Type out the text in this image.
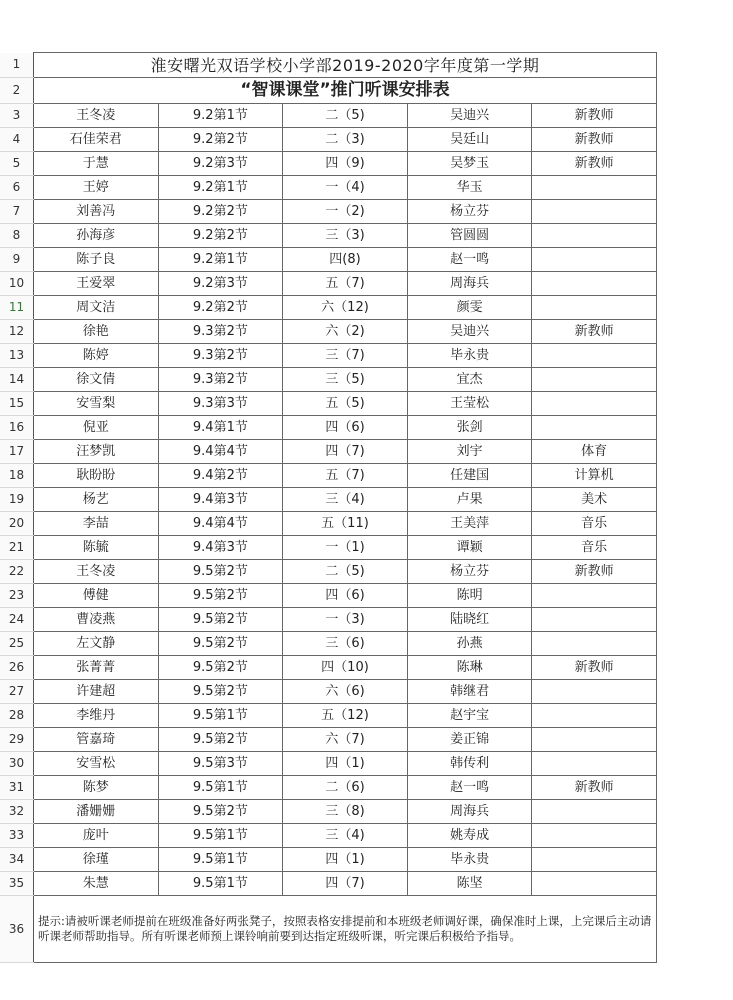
1	淮安曙光双语学校小学部2019-2020字年度第一学期					
2	“智课课堂”推门听课安排表					
3	王冬凌	9.2第1节	二（5)	吴迪兴	新教师	
4	石佳荣君	9.2第2节	二（3)	吴廷山	新教师	
5	于慧	9.2第3节	四（9)	吴梦玉	新教师	
6	王婷	9.2第1节	一（4)	华玉		
7	刘善冯	9.2第2节	一（2)	杨立芬		
8	孙海彦	9.2第2节	三（3)	管圆圆		
9	陈子良	9.2第1节	四(8)	赵一鸣		
10	王爱翠	9.2第3节	五（7)	周海兵		
11	周文洁	9.2第2节	六（12)	颜雯		
12	徐艳	9.3第2节	六（2)	吴迪兴	新教师	
13	陈婷	9.3第2节	三（7)	毕永贵		
14	徐文倩	9.3第2节	三（5)	宜杰		
15	安雪梨	9.3第3节	五（5)	王莹松		
16	倪亚	9.4第1节	四（6)	张剑		
17	汪梦凯	9.4第4节	四（7)	刘宇	体育	
18	耿盼盼	9.4第2节	五（7)	任建国	计算机	
19	杨艺	9.4第3节	三（4)	卢果	美术	
20	李喆	9.4第4节	五（11)	王美萍	音乐	
21	陈毓	9.4第3节	一（1)	谭颖	音乐	
22	王冬凌	9.5第2节	二（5)	杨立芬	新教师	
23	傅健	9.5第2节	四（6)	陈明		
24	曹凌燕	9.5第2节	一（3)	陆晓红		
25	左文静	9.5第2节	三（6)	孙燕		
26	张菁菁	9.5第2节	四（10)	陈琳	新教师	
27	许建超	9.5第2节	六（6)	韩继君		
28	李维丹	9.5第1节	五（12)	赵宇宝		
29	管嘉琦	9.5第2节	六（7)	姜正锦		
30	安雪松	9.5第3节	四（1)	韩传利		
31	陈梦	9.5第1节	二（6)	赵一鸣	新教师	
32	潘姗姗	9.5第2节	三（8)	周海兵		
33	庞叶	9.5第1节	三（4)	姚寿成		
34	徐瑾	9.5第1节	四（1)	毕永贵		
35	朱慧	9.5第1节	四（7)	陈坚		
36	提示:请被听课老师提前在班级准备好两张凳子，按照表格安排提前和本班级老师调好课，确保准时上课，上完课后主动请听课老师帮助指导。所有听课老师预上课铃响前要到达指定班级听课，听完课后积极给予指导。					
